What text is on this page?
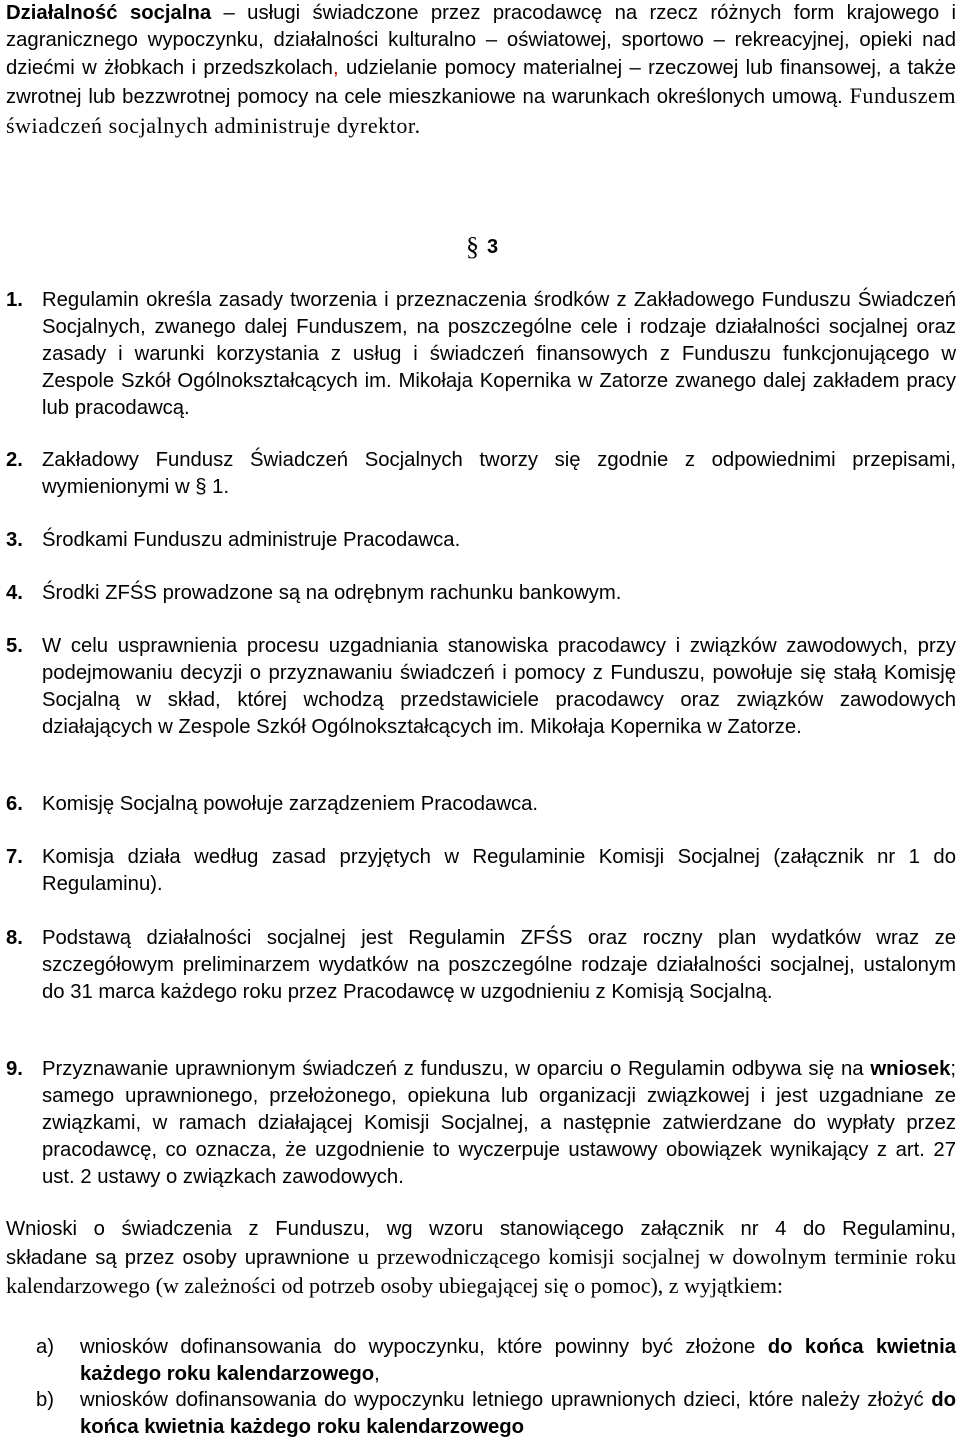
Działalność socjalna – usługi świadczone przez pracodawcę na rzecz różnych form krajowego i zagranicznego wypoczynku, działalności kulturalno – oświatowej, sportowo – rekreacyjnej, opieki nad dziećmi w żłobkach i przedszkolach, udzielanie pomocy materialnej – rzeczowej lub finansowej, a także zwrotnej lub bezzwrotnej pomocy na cele mieszkaniowe na warunkach określonych umową. Funduszem świadczeń socjalnych administruje dyrektor.

§ 3
1. Regulamin określa zasady tworzenia i przeznaczenia środków z Zakładowego Funduszu Świadczeń Socjalnych, zwanego dalej Funduszem, na poszczególne cele i rodzaje działalności socjalnej oraz zasady i warunki korzystania z usług i świadczeń finansowych z Funduszu funkcjonującego w Zespole Szkół Ogólnokształcących im. Mikołaja Kopernika w Zatorze zwanego dalej zakładem pracy lub pracodawcą.
2. Zakładowy Fundusz Świadczeń Socjalnych tworzy się zgodnie z odpowiednimi przepisami, wymienionymi w § 1.
3. Środkami Funduszu administruje Pracodawca.
4. Środki ZFŚS prowadzone są na odrębnym rachunku bankowym.
5. W celu usprawnienia procesu uzgadniania stanowiska pracodawcy i związków zawodowych, przy podejmowaniu decyzji o przyznawaniu świadczeń i pomocy z Funduszu, powołuje się stałą Komisję Socjalną w skład, której wchodzą przedstawiciele pracodawcy oraz związków zawodowych działających w Zespole Szkół Ogólnokształcących im. Mikołaja Kopernika w Zatorze.
6. Komisję Socjalną powołuje zarządzeniem Pracodawca.
7. Komisja działa według zasad przyjętych w Regulaminie Komisji Socjalnej (załącznik nr 1 do Regulaminu).
8. Podstawą działalności socjalnej jest Regulamin ZFŚS oraz roczny plan wydatków wraz ze szczegółowym preliminarzem wydatków na poszczególne rodzaje działalności socjalnej, ustalonym do 31 marca każdego roku przez Pracodawcę w uzgodnieniu z Komisją Socjalną.
9. Przyznawanie uprawnionym świadczeń z funduszu, w oparciu o Regulamin odbywa się na wniosek; samego uprawnionego, przełożonego, opiekuna lub organizacji związkowej i jest uzgadniane ze związkami, w ramach działającej Komisji Socjalnej, a następnie zatwierdzane do wypłaty przez pracodawcę, co oznacza, że uzgodnienie to wyczerpuje ustawowy obowiązek wynikający z art. 27 ust. 2 ustawy o związkach zawodowych.

Wnioski o świadczenia z Funduszu, wg wzoru stanowiącego załącznik nr 4 do Regulaminu,

składane są przez osoby uprawnione u przewodniczącego komisji socjalnej w dowolnym terminie roku kalendarzowego (w zależności od potrzeb osoby ubiegającej się o pomoc), z wyjątkiem:

a) wniosków dofinansowania do wypoczynku, które powinny być złożone do końca kwietnia każdego roku kalendarzowego,
b) wniosków dofinansowania do wypoczynku letniego uprawnionych dzieci, które należy złożyć do końca kwietnia każdego roku kalendarzowego
